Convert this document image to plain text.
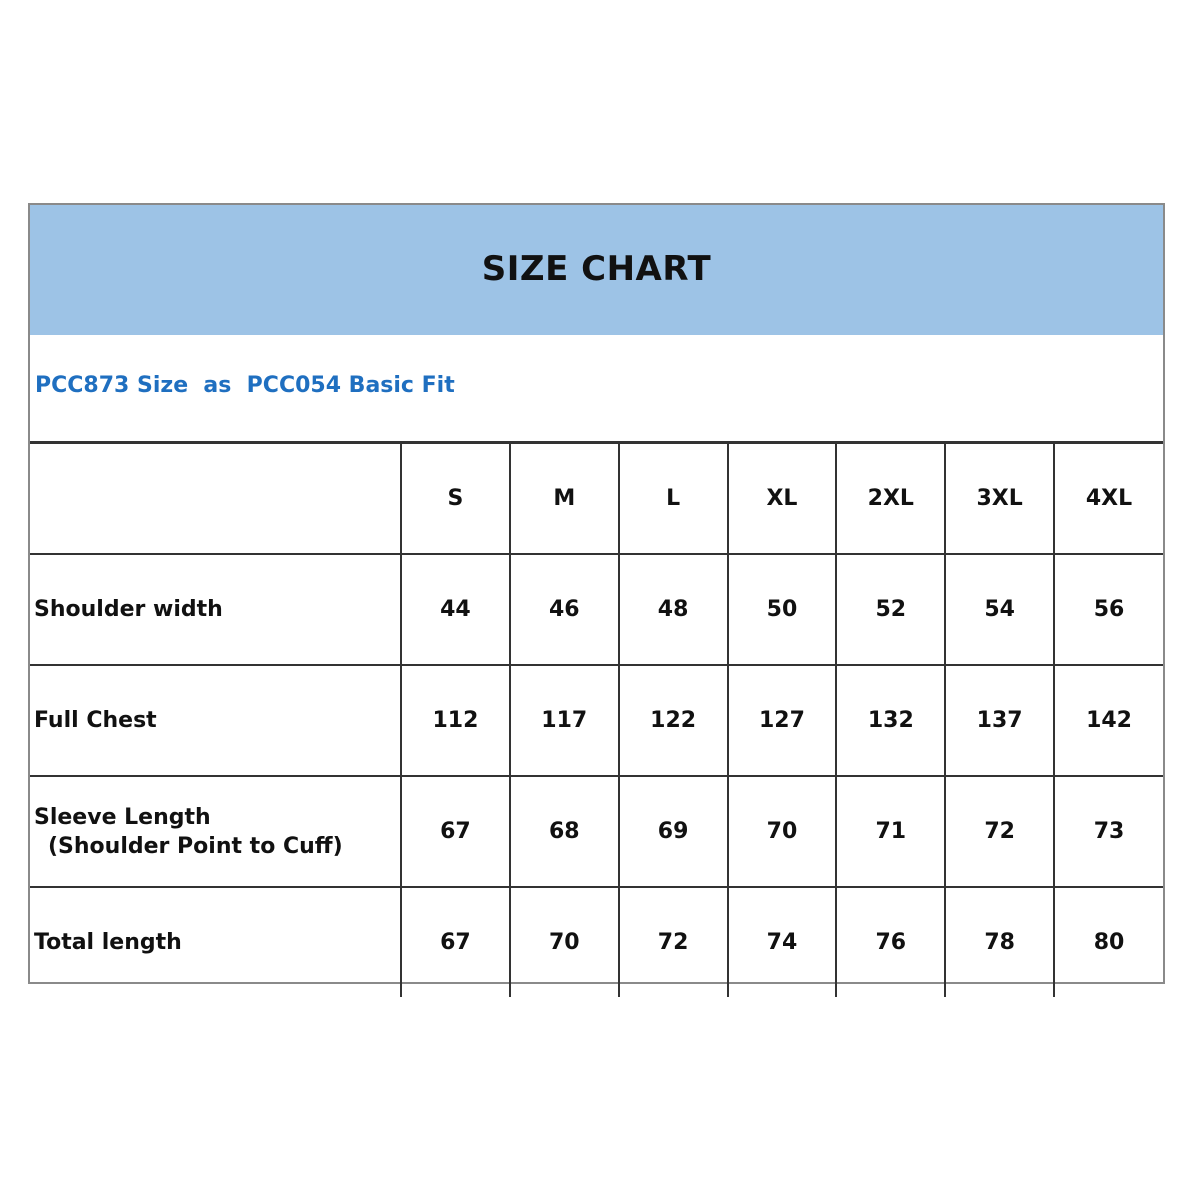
SIZE CHART
PCC873 Size  as  PCC054 Basic Fit
	S	M	L	XL	2XL	3XL	4XL
Shoulder width	44	46	48	50	52	54	56
Full Chest	112	117	122	127	132	137	142
Sleeve Length
(Shoulder Point to Cuff)	67	68	69	70	71	72	73
Total length	67	70	72	74	76	78	80
